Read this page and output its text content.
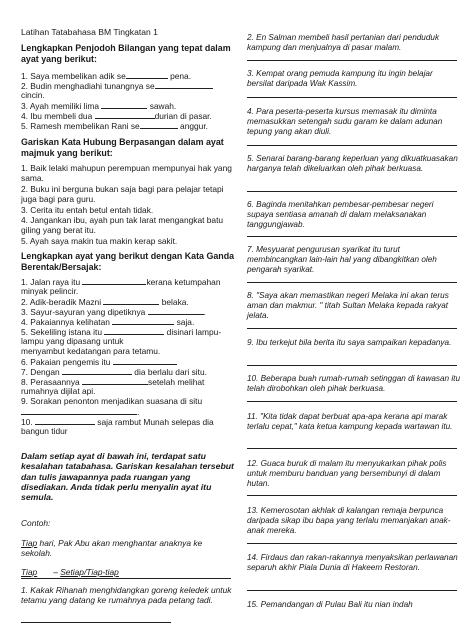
Latihan Tatabahasa BM Tingkatan 1
Lengkapkan Penjodoh Bilangan yang tepat dalam ayat yang berikut:
1. Saya membelikan adik se	pena.
2. Budin menghadiahi tunangnya se
cincin.
3. Ayah memiliki lima	sawah.
4. Ibu membeli dua	durian di pasar.
5. Ramesh membelikan Rani se	anggur.
Gariskan Kata Hubung Berpasangan dalam ayat majmuk yang berikut:
1. Baik lelaki mahupun perempuan mempunyai hak yang sama.
2. Buku ini berguna bukan saja bagi para pelajar tetapi juga bagi para guru.
3. Cerita itu entah betul entah tidak.
4. Jangankan ibu, ayah pun tak larat mengangkat batu giling yang berat itu.
5. Ayah saya makin tua makin kerap sakit.
Lengkapkan ayat yang berikut dengan Kata Ganda Berentak/Bersajak:
1. Jalan raya itu	kerana ketumpahan
minyak pelincir.
2. Adik-beradik Mazni	belaka.
3. Sayur-sayuran yang dipetiknya	.
4. Pakaiannya kelihatan	saja.
5. Sekeliling istana itu	disinari lampu-
lampu yang dipasang untuk
menyambut kedatangan para tetamu.
6. Pakaian pengemis itu
7. Dengan	dia berlalu dari situ.
8. Perasaannya	setelah melihat
rumahnya dijilat api.
9. Sorakan penonton menjadikan suasana di situ
.
10.	saja rambut Munah selepas dia
bangun tidur
Dalam setiap ayat di bawah ini, terdapat satu kesalahan tatabahasa. Gariskan kesalahan tersebut dan tulis jawapannya pada ruangan yang disediakan. Anda tidak perlu menyalin ayat itu semula.
Contoh:
Tiap hari, Pak Abu akan menghantar anaknya ke sekolah.
Tiap – Setiap/Tiap-tiap
1. Kakak Rihanah menghidangkan goreng keledek untuk tetamu yang datang ke rumahnya pada petang tadi.
2. En Salman membeli hasil pertanian dari penduduk kampung dan menjualnya di pasar malam.
3. Kempat orang pemuda kampung itu ingin belajar bersilat daripada Wak Kassim.
4. Para peserta-peserta kursus memasak itu diminta memasukkan setengah sudu garam ke dalam adunan tepung yang akan diuli.
5. Senarai barang-barang keperluan yang dikuatkuasakan harganya telah dikeluarkan oleh pihak berkuasa.
6. Baginda menitahkan pembesar-pembesar negeri supaya sentiasa amanah di dalam melaksanakan tanggungjawab.
7. Mesyuarat pengurusan syarikat itu turut membincangkan lain-lain hal yang dibangkitkan oleh pengarah syarikat.
8. "Saya akan memastikan negeri Melaka ini akan terus aman dan makmur. " titah Sultan Melaka kepada rakyat jelata.
9. Ibu terkejut bila berita itu saya sampaikan kepadanya.
10. Beberapa buah rumah-rumah setinggan di kawasan itu telah dirobohkan oleh pihak berkuasa.
11. "Kita tidak dapat berbuat apa-apa kerana api marak terlalu cepat," kata ketua kampung kepada wartawan itu.
12. Guaca buruk di malam itu menyukarkan pihak polis untuk memburu banduan yang bersembunyi di dalam hutan.
13. Kemerosotan akhlak di kalangan remaja berpunca daripada sikap ibu bapa yang terlalu memanjakan anak-anak mereka.
14. Firdaus dan rakan-rakannya menyaksikan perlawanan separuh akhir Piala Dunia di Hakeem Restoran.
15. Pemandangan di Pulau Bali itu nian indah
